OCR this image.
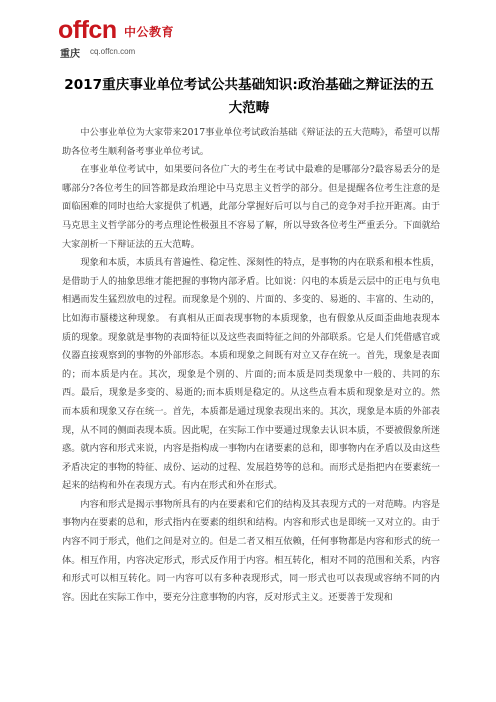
offcn 中公教育
重庆 cq.offcn.com
2017重庆事业单位考试公共基础知识:政治基础之辩证法的五大范畴

中公事业单位为大家带来2017事业单位考试政治基础《辩证法的五大范畴》，希望可以帮助各位考生顺利备考事业单位考试。

在事业单位考试中，如果要问各位广大的考生在考试中最难的是哪部分?最容易丢分的是哪部分?各位考生的回答都是政治理论中马克思主义哲学的部分。但是提醒各位考生注意的是面临困难的同时也给大家提供了机遇，此部分掌握好后可以与自己的竞争对手拉开距离。由于马克思主义哲学部分的考点理论性极强且不容易了解，所以导致各位考生严重丢分。下面就给大家剖析一下辩证法的五大范畴。

现象和本质，本质具有普遍性、稳定性、深刻性的特点，是事物的内在联系和根本性质，是借助于人的抽象思维才能把握的事物内部矛盾。比如说：闪电的本质是云层中的正电与负电相遇而发生猛烈放电的过程。而现象是个别的、片面的、多变的、易逝的、丰富的、生动的，比如海市蜃楼这种现象。 有真相从正面表现事物的本质现象，也有假象从反面歪曲地表现本质的现象。现象就是事物的表面特征以及这些表面特征之间的外部联系。它是人们凭借感官或仪器直接观察到的事物的外部形态。本质和现象之间既有对立又存在统一。首先，现象是表面的；而本质是内在。其次，现象是个别的、片面的;而本质是同类现象中一般的、共同的东西。最后，现象是多变的、易逝的;而本质则是稳定的。从这些点看本质和现象是对立的。然而本质和现象又存在统一。首先，本质都是通过现象表现出来的。其次，现象是本质的外部表现，从不同的侧面表现本质。因此呢，在实际工作中要通过现象去认识本质，不要被假象所迷惑。就内容和形式来说，内容是指构成一事物内在诸要素的总和，即事物内在矛盾以及由这些矛盾决定的事物的特征、成份、运动的过程、发展趋势等的总和。而形式是指把内在要素统一起来的结构和外在表现方式。有内在形式和外在形式。

内容和形式是揭示事物所具有的内在要素和它们的结构及其表现方式的一对范畴。内容是事物内在要素的总和，形式指内在要素的组织和结构。内容和形式也是即统一又对立的。由于内容不同于形式，他们之间是对立的。但是二者又相互依赖，任何事物都是内容和形式的统一体。相互作用，内容决定形式，形式反作用于内容。相互转化，相对不同的范围和关系，内容和形式可以相互转化。同一内容可以有多种表现形式，同一形式也可以表现或容纳不同的内容。因此在实际工作中，要充分注意事物的内容，反对形式主义。还要善于发现和
